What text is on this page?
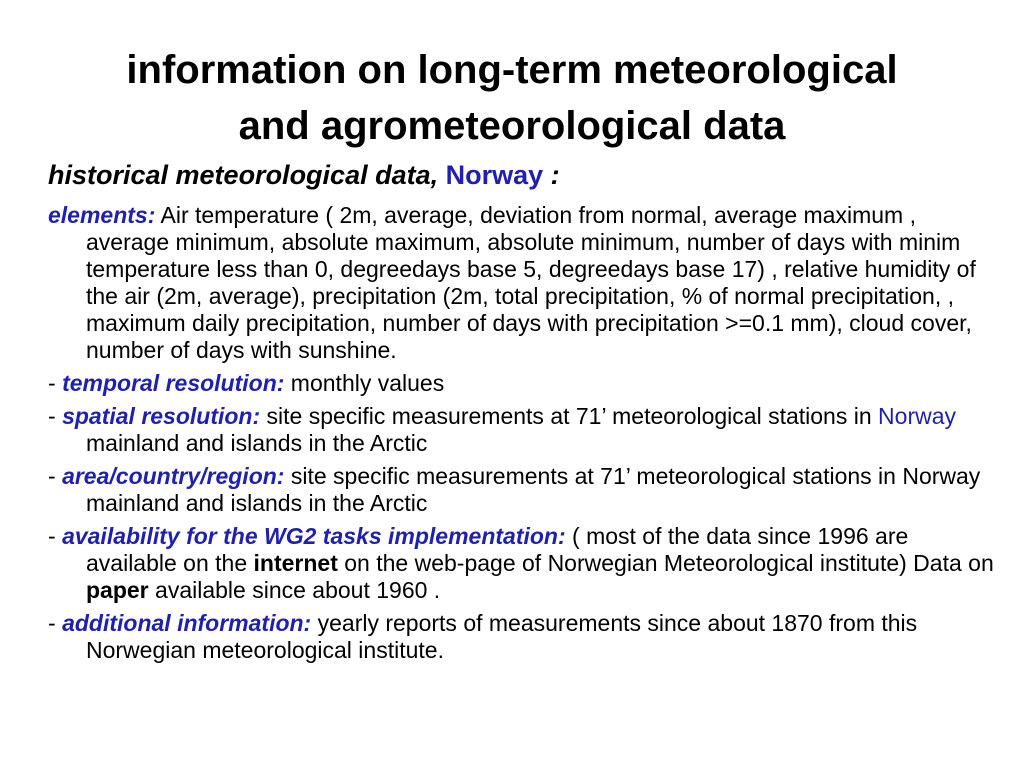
information on long-term meteorological
and agrometeorological data

historical meteorological data, Norway :

elements: Air temperature ( 2m, average, deviation from normal, average maximum , average minimum, absolute maximum, absolute minimum, number of days with minim temperature less than 0, degreedays base 5, degreedays base 17) , relative humidity of the air (2m, average), precipitation (2m, total precipitation, % of normal precipitation, , maximum daily precipitation, number of days with precipitation >=0.1 mm), cloud cover, number of days with sunshine.

- temporal resolution: monthly values

- spatial resolution: site specific measurements at 71’ meteorological stations in Norway mainland and islands in the Arctic

- area/country/region: site specific measurements at 71’ meteorological stations in Norway mainland and islands in the Arctic

- availability for the WG2 tasks implementation: ( most of the data since 1996 are available on the internet on the web-page of Norwegian Meteorological institute) Data on paper available since about 1960 .

- additional information: yearly reports of measurements since about 1870 from this Norwegian meteorological institute.
